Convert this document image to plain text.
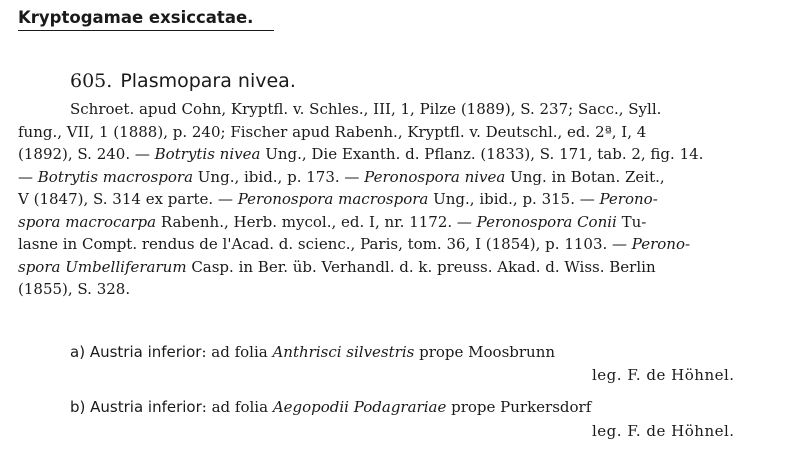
Kryptogamae exsiccatae.
605. Plasmopara nivea.
Schroet. apud Cohn, Kryptfl. v. Schles., III, 1, Pilze (1889), S. 237; Sacc., Syll.
fung., VII, 1 (1888), p. 240; Fischer apud Rabenh., Kryptfl. v. Deutschl., ed. 2ª, I, 4
(1892), S. 240. — Botrytis nivea Ung., Die Exanth. d. Pflanz. (1833), S. 171, tab. 2, fig. 14.
— Botrytis macrospora Ung., ibid., p. 173. — Peronospora nivea Ung. in Botan. Zeit.,
V (1847), S. 314 ex parte. — Peronospora macrospora Ung., ibid., p. 315. — Perono-
spora macrocarpa Rabenh., Herb. mycol., ed. I, nr. 1172. — Peronospora Conii Tu-
lasne in Compt. rendus de l'Acad. d. scienc., Paris, tom. 36, I (1854), p. 1103. — Perono-
spora Umbelliferarum Casp. in Ber. üb. Verhandl. d. k. preuss. Akad. d. Wiss. Berlin
(1855), S. 328.
a) Austria inferior: ad folia Anthrisci silvestris prope Moosbrunn
leg. F. de Höhnel.
b) Austria inferior: ad folia Aegopodii Podagrariae prope Purkersdorf
leg. F. de Höhnel.
